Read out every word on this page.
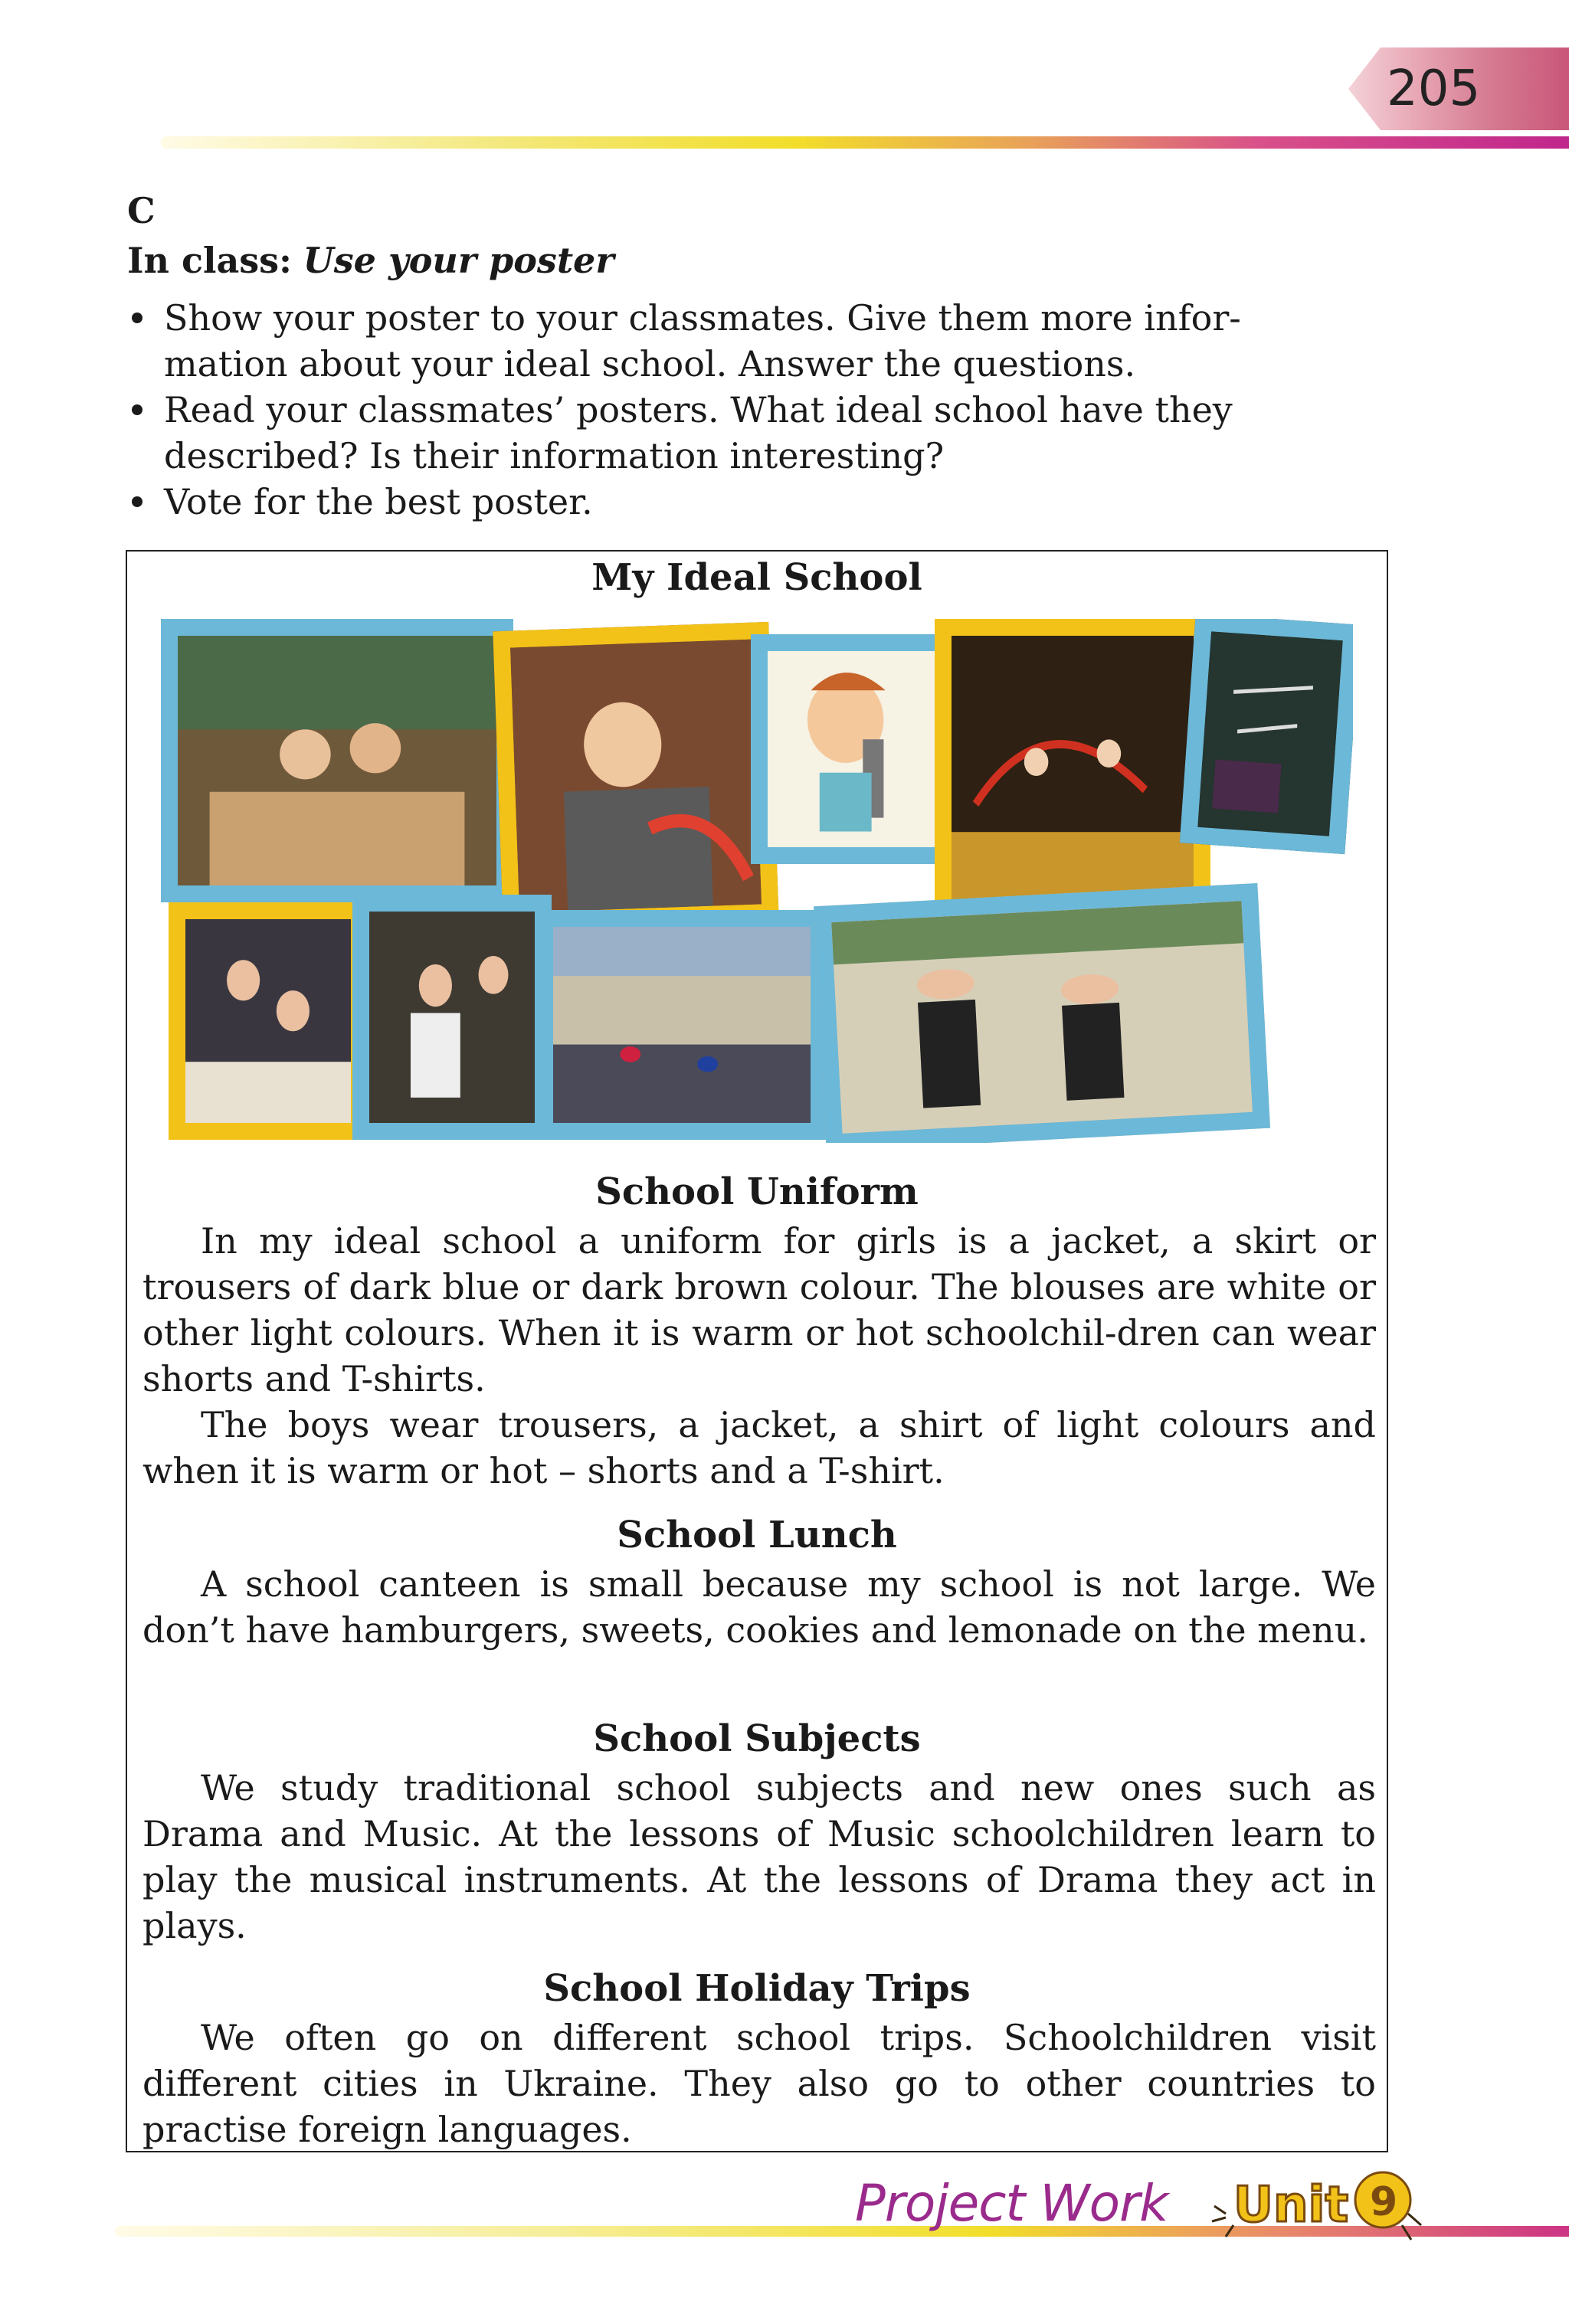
205
C
In class: Use your poster
Show your poster to your classmates. Give them more infor-
mation about your ideal school. Answer the questions.
Read your classmates’ posters. What ideal school have they described? Is their information interesting?
Vote for the best poster.
My Ideal School
School Uniform

In my ideal school a uniform for girls is a jacket, a skirt or trousers of dark blue or dark brown colour. The blouses are white or other light colours. When it is warm or hot schoolchil-dren can wear shorts and T-shirts.

The boys wear trousers, a jacket, a shirt of light colours and when it is warm or hot – shorts and a T-shirt.

School Lunch

A school canteen is small because my school is not large. We don’t have hamburgers, sweets, cookies and lemonade on the menu.

School Subjects

We study traditional school subjects and new ones such as Drama and Music. At the lessons of Music schoolchildren learn to play the musical instruments. At the lessons of Drama they act in plays.

School Holiday Trips

We often go on different school trips. Schoolchildren visit different cities in Ukraine. They also go to other countries to practise foreign languages.

Project Work Unit 9
